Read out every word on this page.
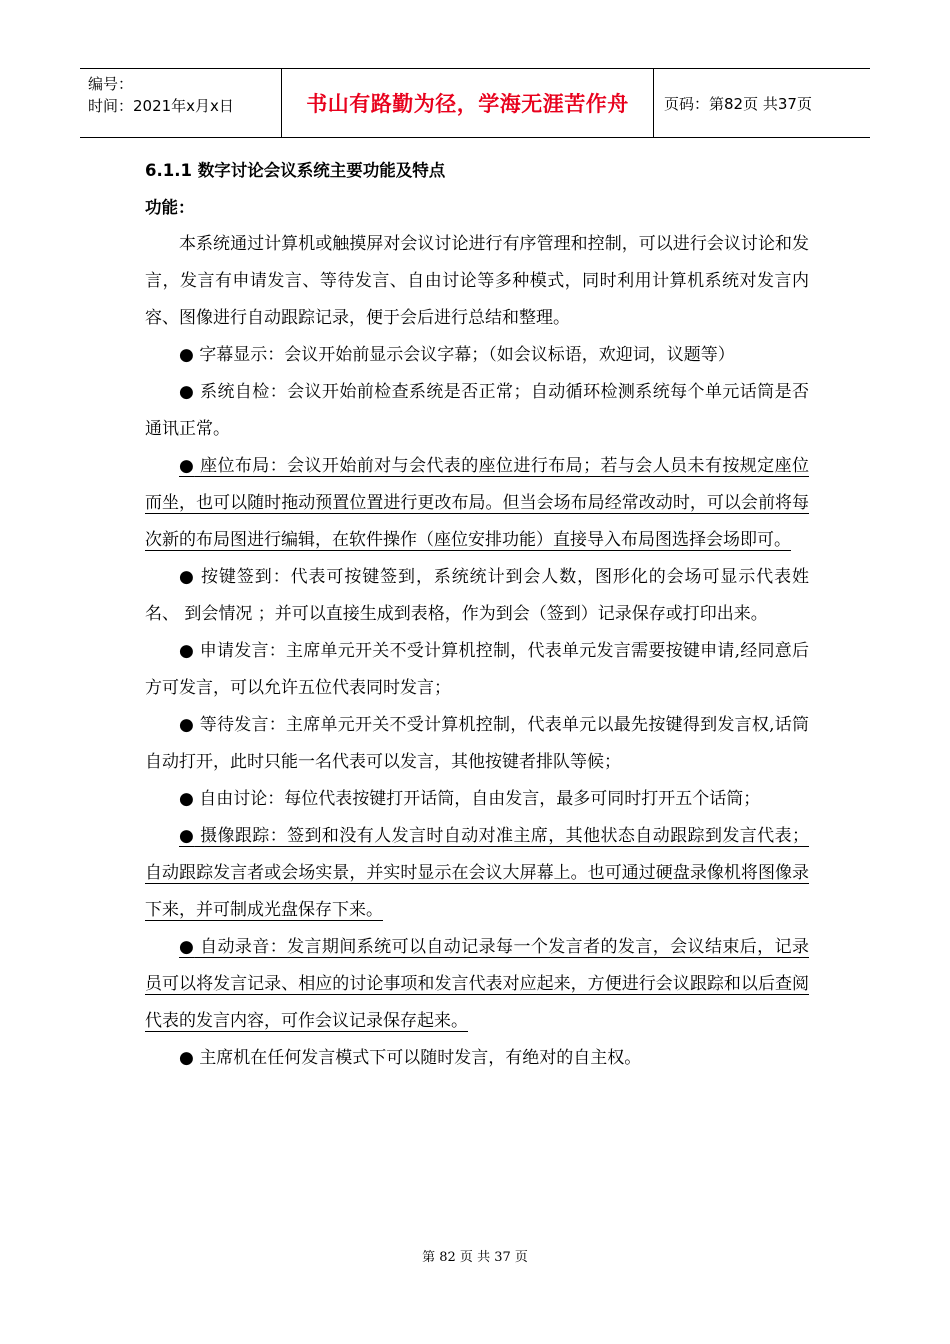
编号：
时间：2021年x月x日	书山有路勤为径，学海无涯苦作舟	页码：第82页 共37页

6.1.1 数字讨论会议系统主要功能及特点

功能：

本系统通过计算机或触摸屏对会议讨论进行有序管理和控制，可以进行会议讨论和发言，发言有申请发言、等待发言、自由讨论等多种模式，同时利用计算机系统对发言内容、图像进行自动跟踪记录，便于会后进行总结和整理。

● 字幕显示：会议开始前显示会议字幕；（如会议标语，欢迎词，议题等）

● 系统自检：会议开始前检查系统是否正常；自动循环检测系统每个单元话筒是否通讯正常。

● 座位布局：会议开始前对与会代表的座位进行布局；若与会人员未有按规定座位而坐，也可以随时拖动预置位置进行更改布局。但当会场布局经常改动时，可以会前将每次新的布局图进行编辑，在软件操作（座位安排功能）直接导入布局图选择会场即可。

● 按键签到：代表可按键签到，系统统计到会人数，图形化的会场可显示代表姓名、 到会情况 ；并可以直接生成到表格，作为到会（签到）记录保存或打印出来。

● 申请发言：主席单元开关不受计算机控制，代表单元发言需要按键申请,经同意后方可发言，可以允许五位代表同时发言；

● 等待发言：主席单元开关不受计算机控制，代表单元以最先按键得到发言权,话筒自动打开，此时只能一名代表可以发言，其他按键者排队等候；

● 自由讨论：每位代表按键打开话筒，自由发言，最多可同时打开五个话筒；

● 摄像跟踪：签到和没有人发言时自动对准主席，其他状态自动跟踪到发言代表；自动跟踪发言者或会场实景，并实时显示在会议大屏幕上。也可通过硬盘录像机将图像录下来，并可制成光盘保存下来。

● 自动录音：发言期间系统可以自动记录每一个发言者的发言，会议结束后，记录员可以将发言记录、相应的讨论事项和发言代表对应起来，方便进行会议跟踪和以后查阅代表的发言内容，可作会议记录保存起来。

● 主席机在任何发言模式下可以随时发言，有绝对的自主权。

第 82 页 共 37 页
